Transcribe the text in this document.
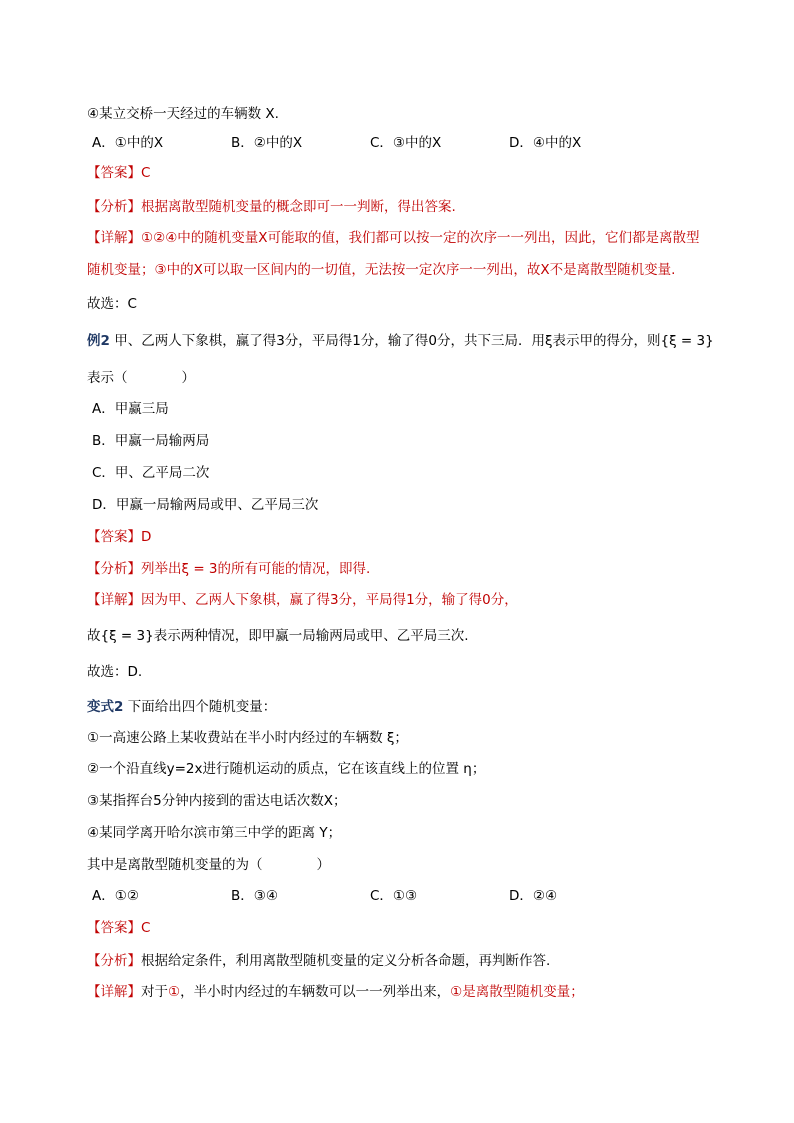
④某立交桥一天经过的车辆数 X.
A．①中的X	B．②中的X	C．③中的X	D．④中的X
【答案】C
【分析】根据离散型随机变量的概念即可一一判断，得出答案.
【详解】①②④中的随机变量X可能取的值，我们都可以按一定的次序一一列出，因此，它们都是离散型
随机变量；③中的X可以取一区间内的一切值，无法按一定次序一一列出，故X不是离散型随机变量.
故选：C
例2 甲、乙两人下象棋，赢了得3分，平局得1分，输了得0分，共下三局．用ξ表示甲的得分，则{ξ = 3}
表示（　　　　）
A．甲赢三局
B．甲赢一局输两局
C．甲、乙平局二次
D．甲赢一局输两局或甲、乙平局三次
【答案】D
【分析】列举出ξ = 3的所有可能的情况，即得.
【详解】因为甲、乙两人下象棋，赢了得3分，平局得1分，输了得0分，
故{ξ = 3}表示两种情况，即甲赢一局输两局或甲、乙平局三次.
故选：D.
变式2 下面给出四个随机变量：
①一高速公路上某收费站在半小时内经过的车辆数 ξ；
②一个沿直线y=2x进行随机运动的质点，它在该直线上的位置 η；
③某指挥台5分钟内接到的雷达电话次数X；
④某同学离开哈尔滨市第三中学的距离 Y；
其中是离散型随机变量的为（　　　　）
A．①②	B．③④	C．①③	D．②④
【答案】C
【分析】根据给定条件，利用离散型随机变量的定义分析各命题，再判断作答.
【详解】对于①，半小时内经过的车辆数可以一一列举出来，①是离散型随机变量；
